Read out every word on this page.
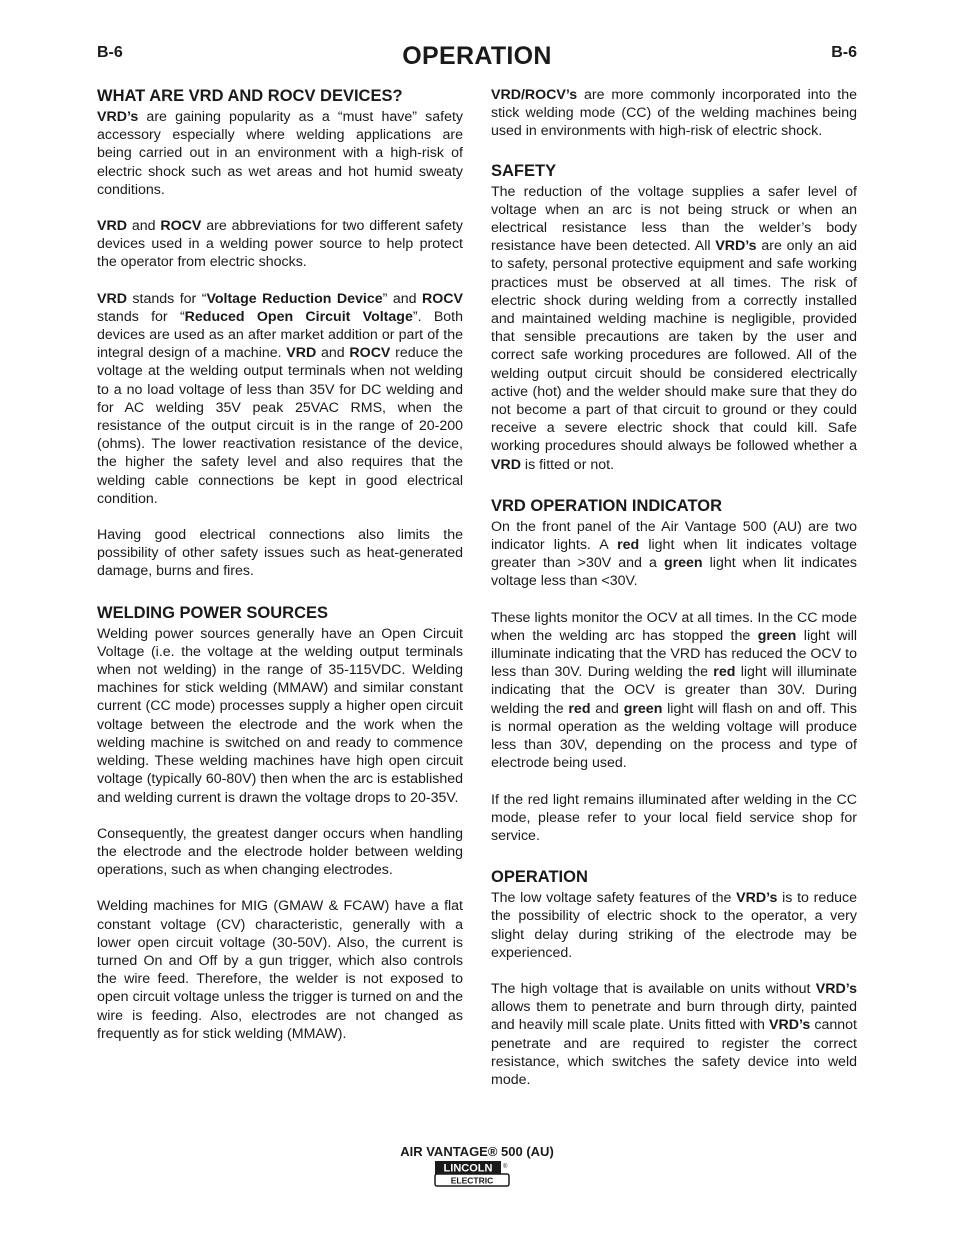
B-6	OPERATION	B-6
WHAT ARE VRD AND ROCV DEVICES?

VRD’s are gaining popularity as a “must have” safety accessory especially where welding applications are being carried out in an environment with a high-risk of electric shock such as wet areas and hot humid sweaty conditions.

VRD and ROCV are abbreviations for two different safety devices used in a welding power source to help protect the operator from electric shocks.

VRD stands for “Voltage Reduction Device” and ROCV stands for “Reduced Open Circuit Voltage”. Both devices are used as an after market addition or part of the integral design of a machine. VRD and ROCV reduce the voltage at the welding output terminals when not welding to a no load voltage of less than 35V for DC welding and for AC welding 35V peak 25VAC RMS, when the resistance of the output circuit is in the range of 20-200 (ohms). The lower reactivation resistance of the device, the higher the safety level and also requires that the welding cable connections be kept in good electrical condition.

Having good electrical connections also limits the possibility of other safety issues such as heat-generated damage, burns and fires.

WELDING POWER SOURCES

Welding power sources generally have an Open Circuit Voltage (i.e. the voltage at the welding output terminals when not welding) in the range of 35-115VDC. Welding machines for stick welding (MMAW) and similar constant current (CC mode) processes supply a higher open circuit voltage between the electrode and the work when the welding machine is switched on and ready to commence welding. These welding machines have high open circuit voltage (typically 60-80V) then when the arc is established and welding current is drawn the voltage drops to 20-35V.

Consequently, the greatest danger occurs when handling the electrode and the electrode holder between welding operations, such as when changing electrodes.

Welding machines for MIG (GMAW & FCAW) have a flat constant voltage (CV) characteristic, generally with a lower open circuit voltage (30-50V). Also, the current is turned On and Off by a gun trigger, which also controls the wire feed. Therefore, the welder is not exposed to open circuit voltage unless the trigger is turned on and the wire is feeding. Also, electrodes are not changed as frequently as for stick welding (MMAW).

VRD/ROCV’s are more commonly incorporated into the stick welding mode (CC) of the welding machines being used in environments with high-risk of electric shock.

SAFETY

The reduction of the voltage supplies a safer level of voltage when an arc is not being struck or when an electrical resistance less than the welder’s body resistance have been detected. All VRD’s are only an aid to safety, personal protective equipment and safe working practices must be observed at all times. The risk of electric shock during welding from a correctly installed and maintained welding machine is negligible, provided that sensible precautions are taken by the user and correct safe working procedures are followed. All of the welding output circuit should be considered electrically active (hot) and the welder should make sure that they do not become a part of that circuit to ground or they could receive a severe electric shock that could kill. Safe working procedures should always be followed whether a VRD is fitted or not.

VRD OPERATION INDICATOR

On the front panel of the Air Vantage 500 (AU) are two indicator lights. A red light when lit indicates voltage greater than >30V and a green light when lit indicates voltage less than <30V.

These lights monitor the OCV at all times. In the CC mode when the welding arc has stopped the green light will illuminate indicating that the VRD has reduced the OCV to less than 30V. During welding the red light will illuminate indicating that the OCV is greater than 30V. During welding the red and green light will flash on and off. This is normal operation as the welding voltage will produce less than 30V, depending on the process and type of electrode being used.

If the red light remains illuminated after welding in the CC mode, please refer to your local field service shop for service.

OPERATION

The low voltage safety features of the VRD’s is to reduce the possibility of electric shock to the operator, a very slight delay during striking of the electrode may be experienced.

The high voltage that is available on units without VRD’s allows them to penetrate and burn through dirty, painted and heavily mill scale plate. Units fitted with VRD’s cannot penetrate and are required to register the correct resistance, which switches the safety device into weld mode.

AIR VANTAGE® 500 (AU)
LINCOLN ®
ELECTRIC
